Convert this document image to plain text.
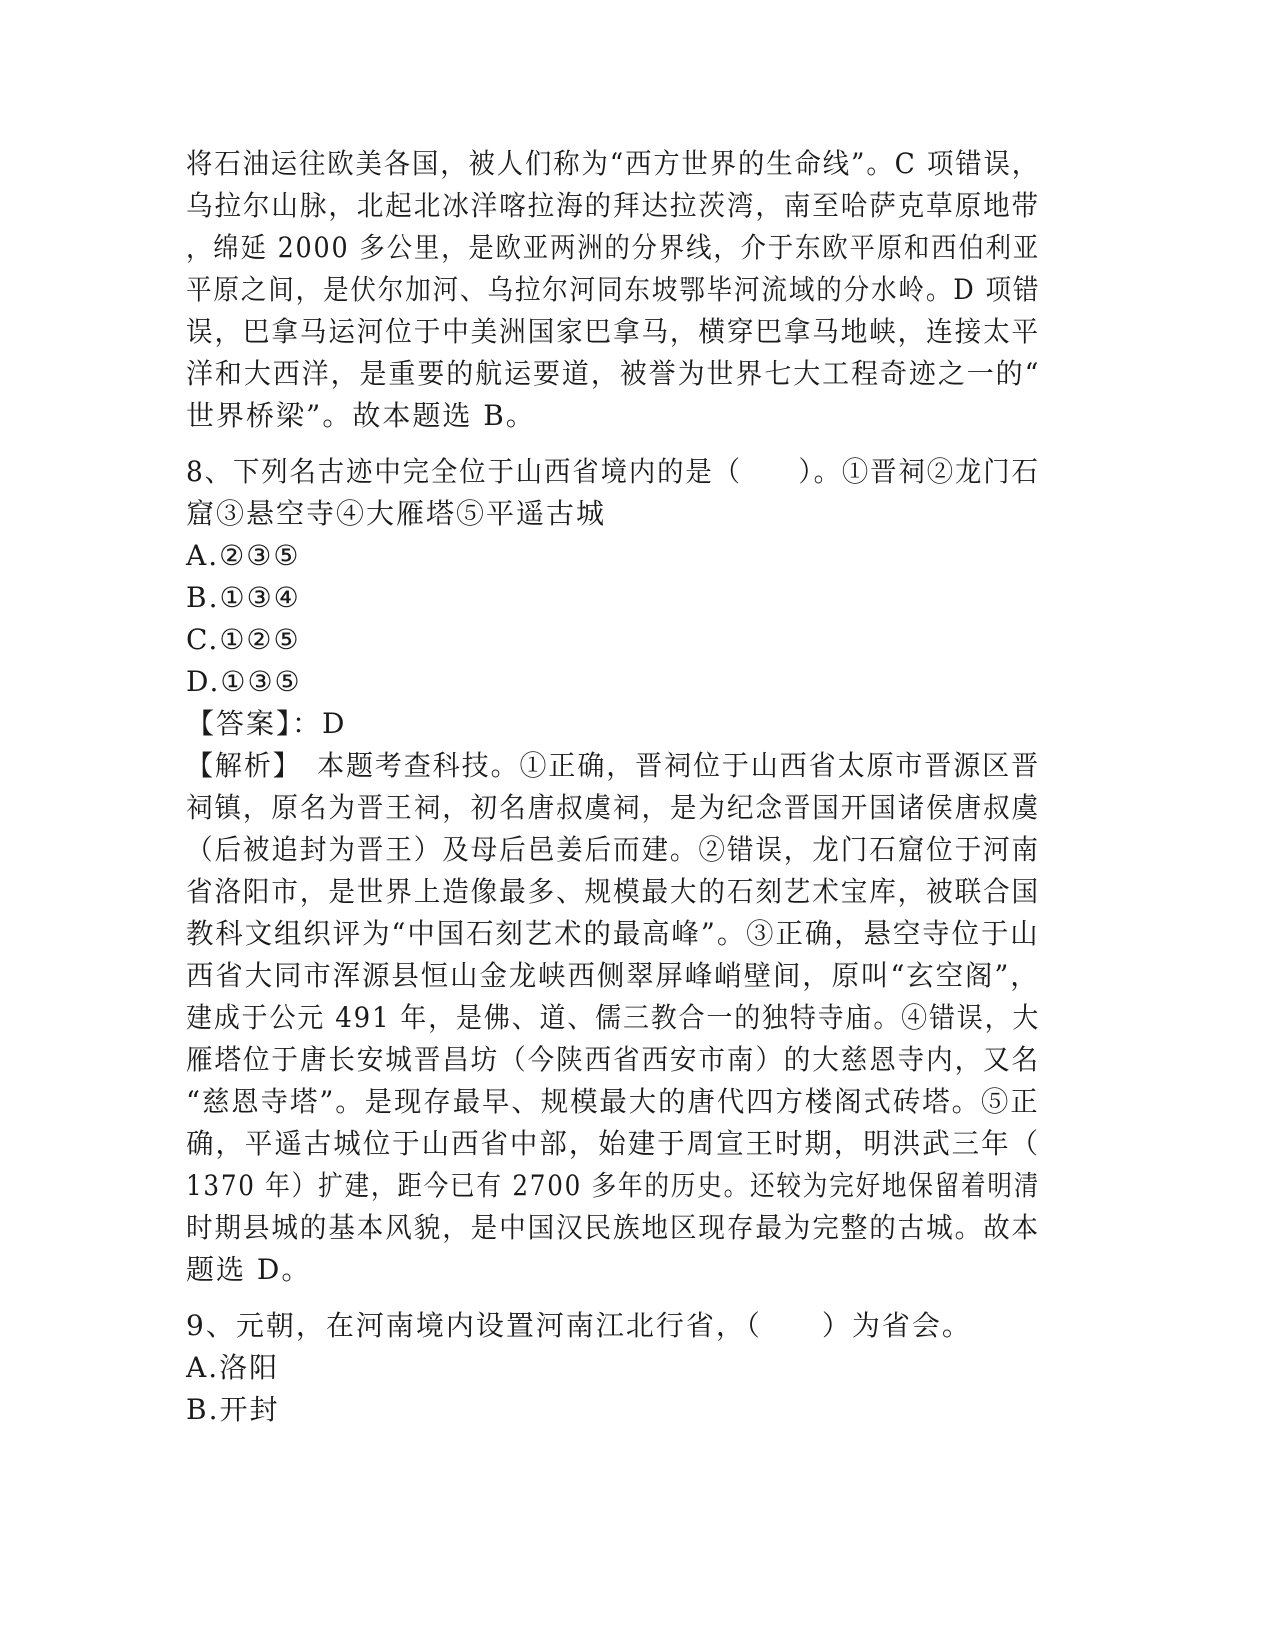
将石油运往欧美各国，被人们称为“西方世界的生命线”。C 项错误，
乌拉尔山脉，北起北冰洋喀拉海的拜达拉茨湾，南至哈萨克草原地带
，绵延 2000 多公里，是欧亚两洲的分界线，介于东欧平原和西伯利亚
平原之间，是伏尔加河、乌拉尔河同东坡鄂毕河流域的分水岭。D 项错
误，巴拿马运河位于中美洲国家巴拿马，横穿巴拿马地峡，连接太平
洋和大西洋，是重要的航运要道，被誉为世界七大工程奇迹之一的“
世界桥梁”。故本题选 B。
8、下列名古迹中完全位于山西省境内的是（　　）。①晋祠②龙门石
窟③悬空寺④大雁塔⑤平遥古城
A.②③⑤
B.①③④
C.①②⑤
D.①③⑤
【答案】：D
【解析】　本题考查科技。①正确，晋祠位于山西省太原市晋源区晋
祠镇，原名为晋王祠，初名唐叔虞祠，是为纪念晋国开国诸侯唐叔虞
（后被追封为晋王）及母后邑姜后而建。②错误，龙门石窟位于河南
省洛阳市，是世界上造像最多、规模最大的石刻艺术宝库，被联合国
教科文组织评为“中国石刻艺术的最高峰”。③正确，悬空寺位于山
西省大同市浑源县恒山金龙峡西侧翠屏峰峭壁间，原叫“玄空阁”，
建成于公元 491 年，是佛、道、儒三教合一的独特寺庙。④错误，大
雁塔位于唐长安城晋昌坊（今陕西省西安市南）的大慈恩寺内，又名
“慈恩寺塔”。是现存最早、规模最大的唐代四方楼阁式砖塔。⑤正
确，平遥古城位于山西省中部，始建于周宣王时期，明洪武三年（
1370 年）扩建，距今已有 2700 多年的历史。还较为完好地保留着明清
时期县城的基本风貌，是中国汉民族地区现存最为完整的古城。故本
题选 D。
9、元朝，在河南境内设置河南江北行省，（　　）为省会。
A.洛阳
B.开封
